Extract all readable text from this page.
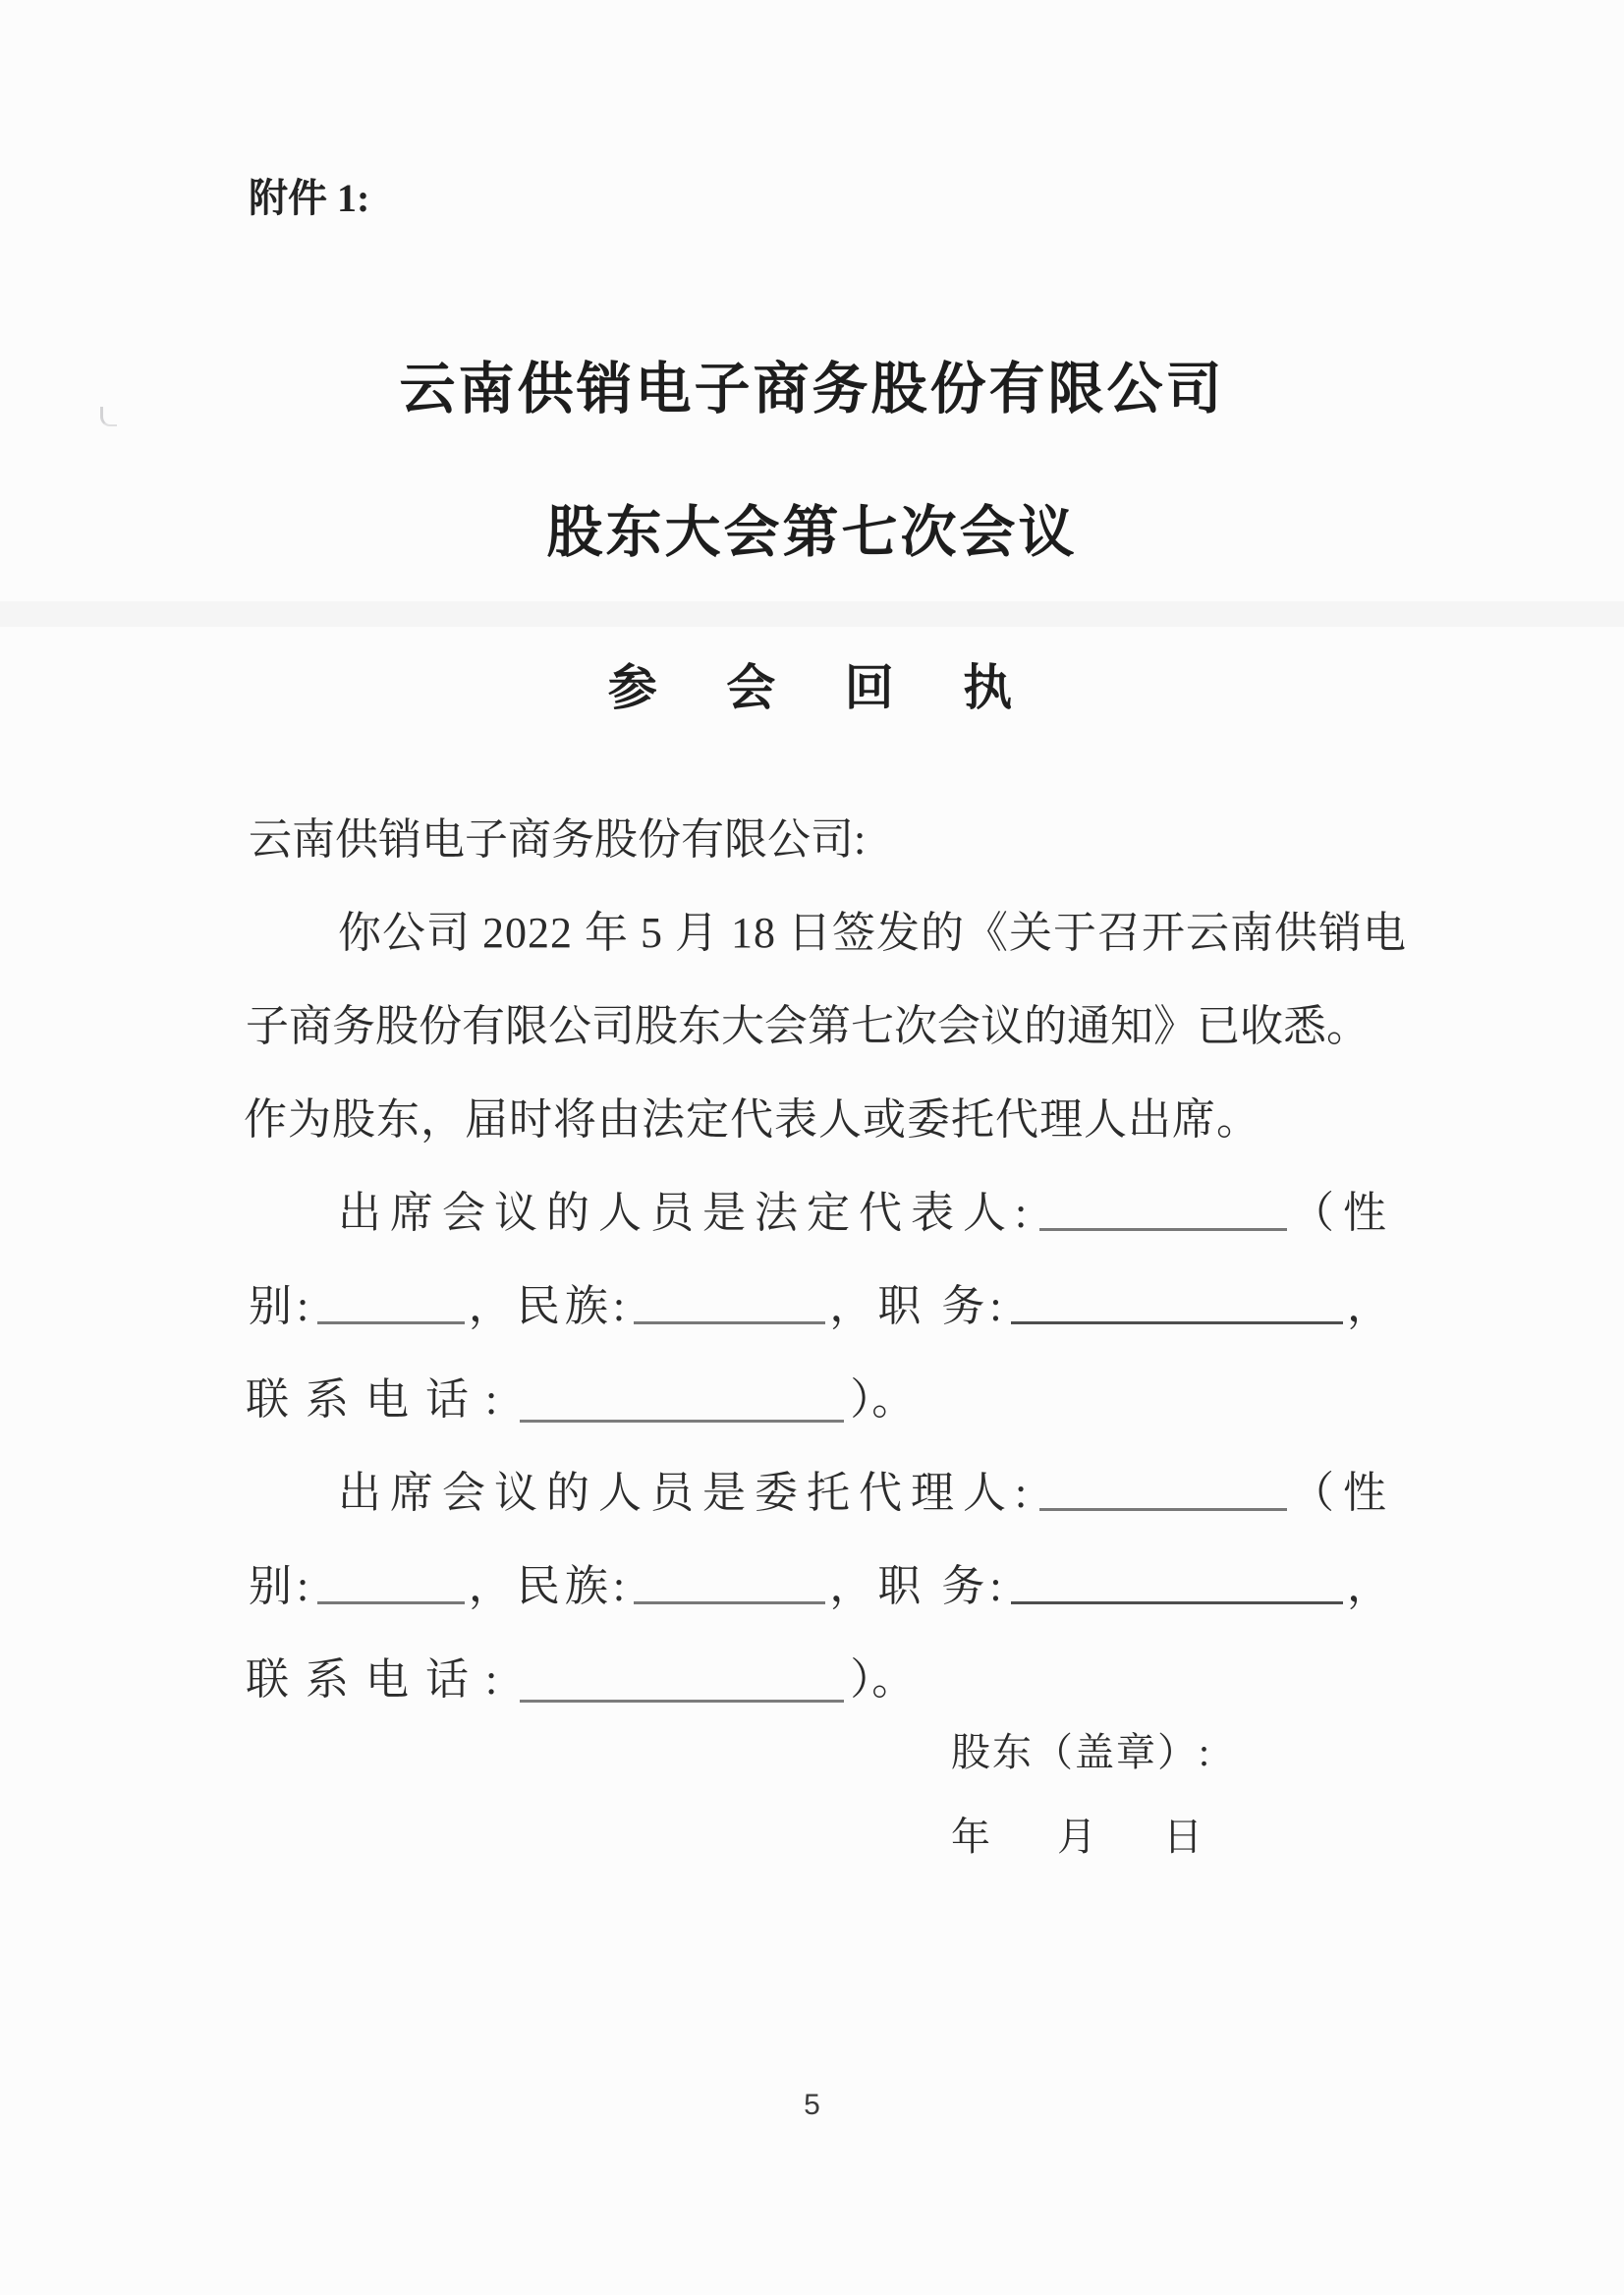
附件 1:
云南供销电子商务股份有限公司
股东大会第七次会议
参 会 回 执
云南供销电子商务股份有限公司:
你公司 2022 年 5 月 18 日签发的《关于召开云南供销电
子商务股份有限公司股东大会第七次会议的通知》已收悉。
作为股东，届时将由法定代表人或委托代理人出席。
出席会议的人员是法定代表人:	（性
别:	，民族:	，职 务:	，
联系电话:	）。
出席会议的人员是委托代理人:	（性
别:	，民族:	，职 务:	，
联系电话:	）。
股东（盖章）:
年 月 日
5
